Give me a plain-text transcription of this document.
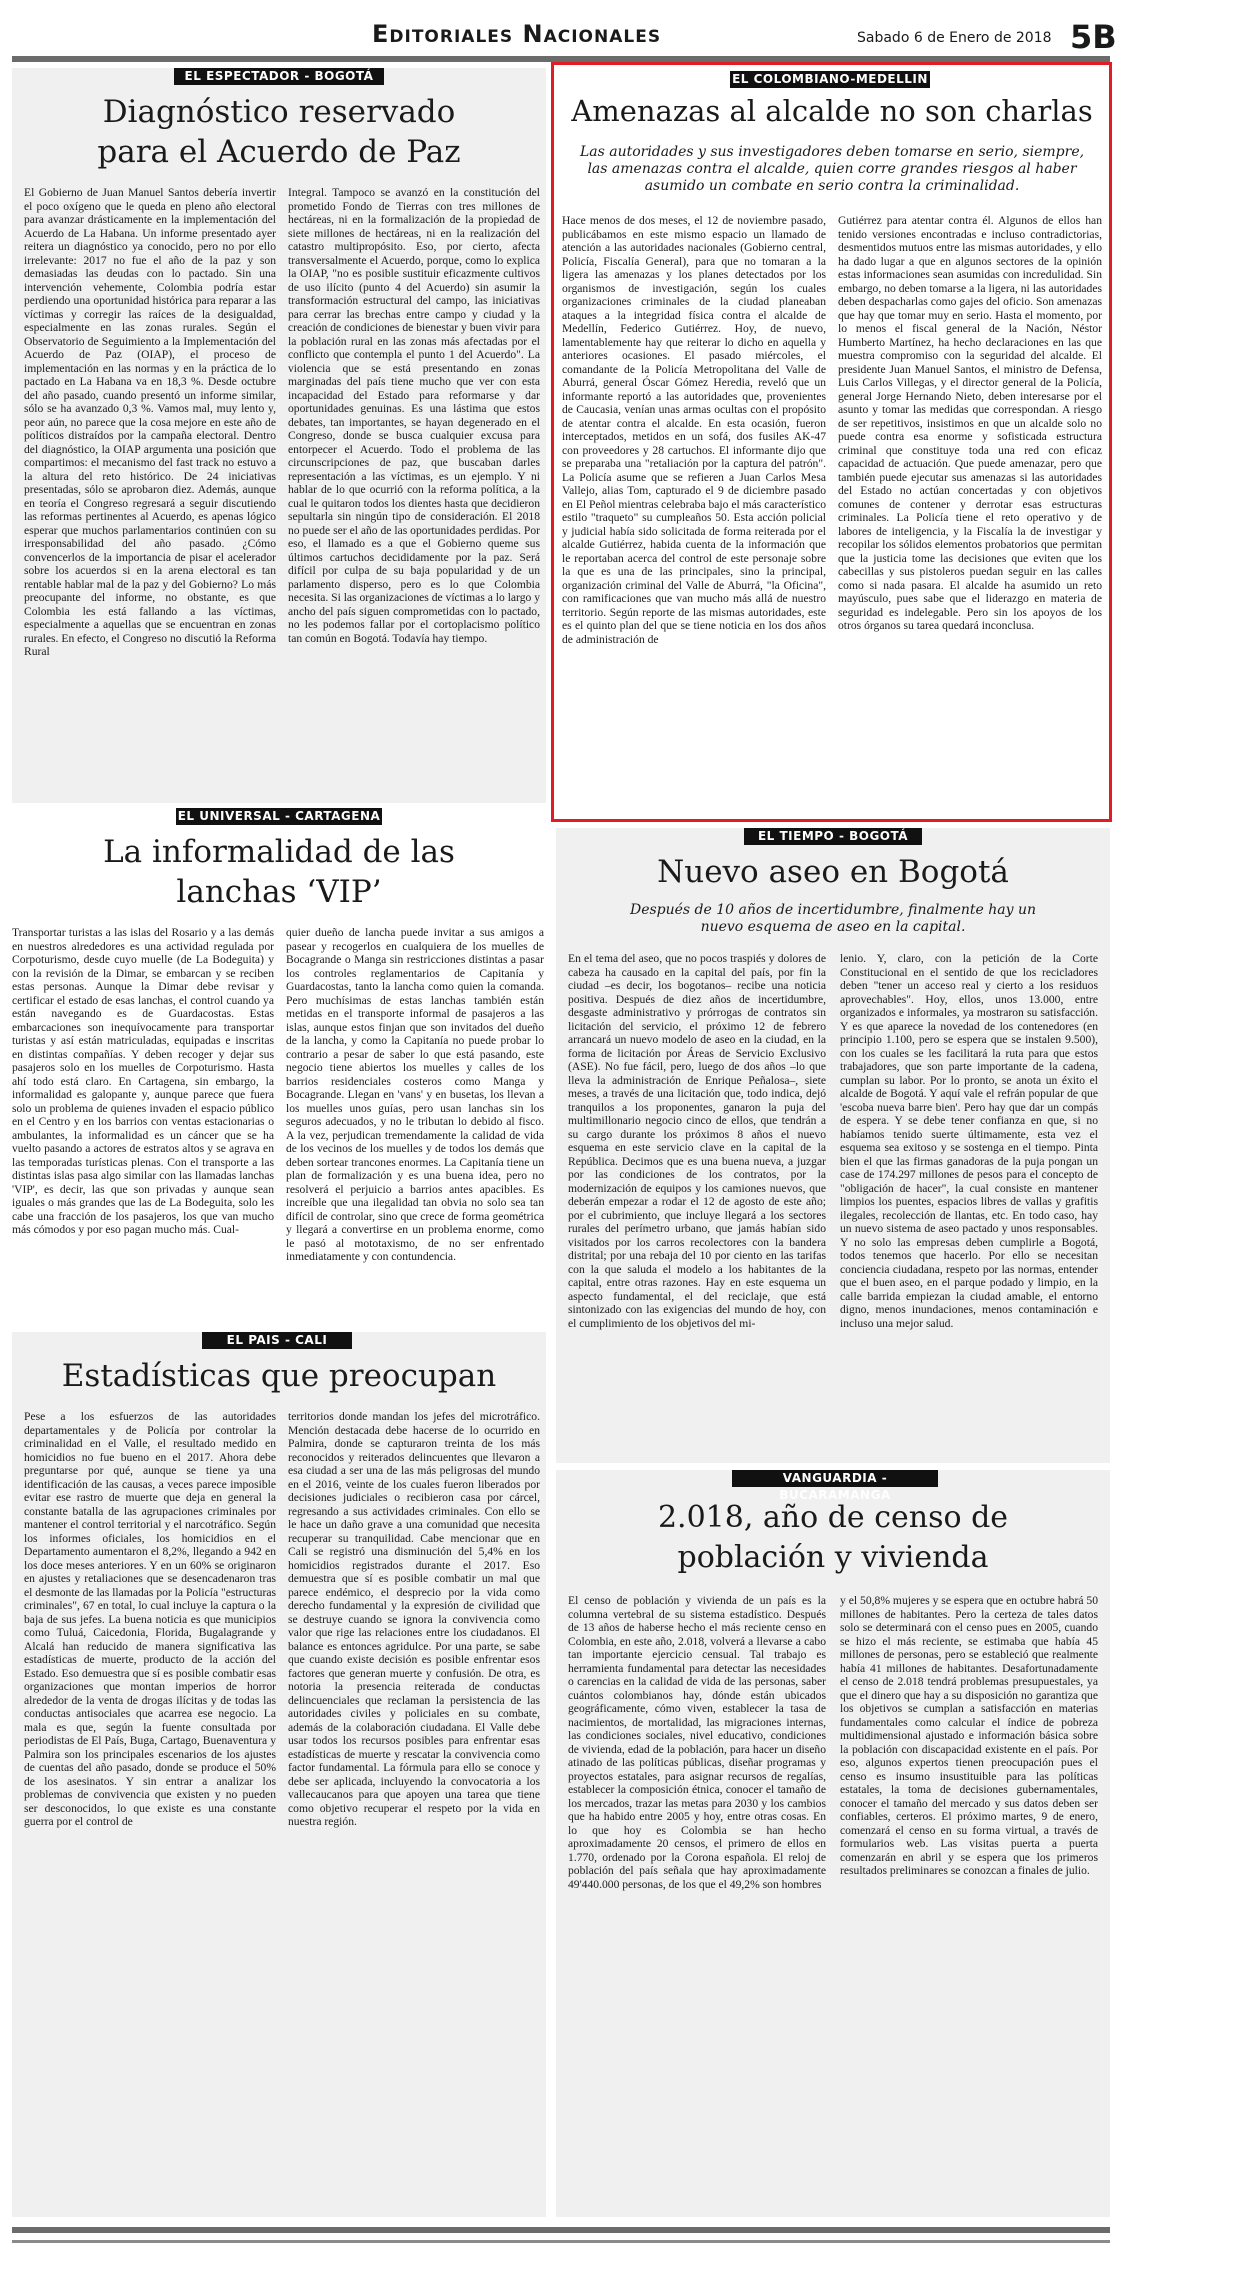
Editoriales Nacionales	Sabado 6 de Enero de 2018 5B
EL ESPECTADOR - BOGOTÁ
Diagnóstico reservado
para el Acuerdo de Paz
El Gobierno de Juan Manuel Santos debería invertir el poco oxígeno que le queda en pleno año electoral para avanzar drásticamente en la implementación del Acuerdo de La Habana. Un informe presentado ayer reitera un diagnóstico ya conocido, pero no por ello irrelevante: 2017 no fue el año de la paz y son demasiadas las deudas con lo pactado. Sin una intervención vehemente, Colombia podría estar perdiendo una oportunidad histórica para reparar a las víctimas y corregir las raíces de la desigualdad, especialmente en las zonas rurales. Según el Observatorio de Seguimiento a la Implementación del Acuerdo de Paz (OIAP), el proceso de implementación en las normas y en la práctica de lo pactado en La Habana va en 18,3 %. Desde octubre del año pasado, cuando presentó un informe similar, sólo se ha avanzado 0,3 %. Vamos mal, muy lento y, peor aún, no parece que la cosa mejore en este año de políticos distraídos por la campaña electoral. Dentro del diagnóstico, la OIAP argumenta una posición que compartimos: el mecanismo del fast track no estuvo a la altura del reto histórico. De 24 iniciativas presentadas, sólo se aprobaron diez. Además, aunque en teoría el Congreso regresará a seguir discutiendo las reformas pertinentes al Acuerdo, es apenas lógico esperar que muchos parlamentarios continúen con su irresponsabilidad del año pasado. ¿Cómo convencerlos de la importancia de pisar el acelerador sobre los acuerdos si en la arena electoral es tan rentable hablar mal de la paz y del Gobierno? Lo más preocupante del informe, no obstante, es que Colombia les está fallando a las víctimas, especialmente a aquellas que se encuentran en zonas rurales. En efecto, el Congreso no discutió la Reforma Rural
Integral. Tampoco se avanzó en la constitución del prometido Fondo de Tierras con tres millones de hectáreas, ni en la formalización de la propiedad de siete millones de hectáreas, ni en la realización del catastro multipropósito. Eso, por cierto, afecta transversalmente el Acuerdo, porque, como lo explica la OIAP, "no es posible sustituir eficazmente cultivos de uso ilícito (punto 4 del Acuerdo) sin asumir la transformación estructural del campo, las iniciativas para cerrar las brechas entre campo y ciudad y la creación de condiciones de bienestar y buen vivir para la población rural en las zonas más afectadas por el conflicto que contempla el punto 1 del Acuerdo". La violencia que se está presentando en zonas marginadas del país tiene mucho que ver con esta incapacidad del Estado para reformarse y dar oportunidades genuinas. Es una lástima que estos debates, tan importantes, se hayan degenerado en el Congreso, donde se busca cualquier excusa para entorpecer el Acuerdo. Todo el problema de las circunscripciones de paz, que buscaban darles representación a las víctimas, es un ejemplo. Y ni hablar de lo que ocurrió con la reforma política, a la cual le quitaron todos los dientes hasta que decidieron sepultarla sin ningún tipo de consideración. El 2018 no puede ser el año de las oportunidades perdidas. Por eso, el llamado es a que el Gobierno queme sus últimos cartuchos decididamente por la paz. Será difícil por culpa de su baja popularidad y de un parlamento disperso, pero es lo que Colombia necesita. Si las organizaciones de víctimas a lo largo y ancho del país siguen comprometidas con lo pactado, no les podemos fallar por el cortoplacismo político tan común en Bogotá. Todavía hay tiempo.
EL COLOMBIANO-MEDELLIN
Amenazas al alcalde no son charlas
Las autoridades y sus investigadores deben tomarse en serio, siempre, las amenazas contra el alcalde, quien corre grandes riesgos al haber asumido un combate en serio contra la criminalidad.
Hace menos de dos meses, el 12 de noviembre pasado, publicábamos en este mismo espacio un llamado de atención a las autoridades nacionales (Gobierno central, Policía, Fiscalía General), para que no tomaran a la ligera las amenazas y los planes detectados por los organismos de investigación, según los cuales organizaciones criminales de la ciudad planeaban ataques a la integridad física contra el alcalde de Medellín, Federico Gutiérrez. Hoy, de nuevo, lamentablemente hay que reiterar lo dicho en aquella y anteriores ocasiones. El pasado miércoles, el comandante de la Policía Metropolitana del Valle de Aburrá, general Óscar Gómez Heredia, reveló que un informante reportó a las autoridades que, provenientes de Caucasia, venían unas armas ocultas con el propósito de atentar contra el alcalde. En esta ocasión, fueron interceptados, metidos en un sofá, dos fusiles AK-47 con proveedores y 28 cartuchos. El informante dijo que se preparaba una "retaliación por la captura del patrón". La Policía asume que se refieren a Juan Carlos Mesa Vallejo, alias Tom, capturado el 9 de diciembre pasado en El Peñol mientras celebraba bajo el más característico estilo "traqueto" su cumpleaños 50. Esta acción policial y judicial había sido solicitada de forma reiterada por el alcalde Gutiérrez, habida cuenta de la información que le reportaban acerca del control de este personaje sobre la que es una de las principales, sino la principal, organización criminal del Valle de Aburrá, "la Oficina", con ramificaciones que van mucho más allá de nuestro territorio. Según reporte de las mismas autoridades, este es el quinto plan del que se tiene noticia en los dos años de administración de
Gutiérrez para atentar contra él. Algunos de ellos han tenido versiones encontradas e incluso contradictorias, desmentidos mutuos entre las mismas autoridades, y ello ha dado lugar a que en algunos sectores de la opinión estas informaciones sean asumidas con incredulidad. Sin embargo, no deben tomarse a la ligera, ni las autoridades deben despacharlas como gajes del oficio. Son amenazas que hay que tomar muy en serio. Hasta el momento, por lo menos el fiscal general de la Nación, Néstor Humberto Martínez, ha hecho declaraciones en las que muestra compromiso con la seguridad del alcalde. El presidente Juan Manuel Santos, el ministro de Defensa, Luis Carlos Villegas, y el director general de la Policía, general Jorge Hernando Nieto, deben interesarse por el asunto y tomar las medidas que correspondan. A riesgo de ser repetitivos, insistimos en que un alcalde solo no puede contra esa enorme y sofisticada estructura criminal que constituye toda una red con eficaz capacidad de actuación. Que puede amenazar, pero que también puede ejecutar sus amenazas si las autoridades del Estado no actúan concertadas y con objetivos comunes de contener y derrotar esas estructuras criminales. La Policía tiene el reto operativo y de labores de inteligencia, y la Fiscalía la de investigar y recopilar los sólidos elementos probatorios que permitan que la justicia tome las decisiones que eviten que los cabecillas y sus pistoleros puedan seguir en las calles como si nada pasara. El alcalde ha asumido un reto mayúsculo, pues sabe que el liderazgo en materia de seguridad es indelegable. Pero sin los apoyos de los otros órganos su tarea quedará inconclusa.
EL UNIVERSAL - CARTAGENA
La informalidad de las
lanchas ‘VIP’
Transportar turistas a las islas del Rosario y a las demás en nuestros alrededores es una actividad regulada por Corpoturismo, desde cuyo muelle (de La Bodeguita) y con la revisión de la Dimar, se embarcan y se reciben estas personas. Aunque la Dimar debe revisar y certificar el estado de esas lanchas, el control cuando ya están navegando es de Guardacostas. Estas embarcaciones son inequívocamente para transportar turistas y así están matriculadas, equipadas e inscritas en distintas compañías. Y deben recoger y dejar sus pasajeros solo en los muelles de Corpoturismo. Hasta ahí todo está claro. En Cartagena, sin embargo, la informalidad es galopante y, aunque parece que fuera solo un problema de quienes invaden el espacio público en el Centro y en los barrios con ventas estacionarias o ambulantes, la informalidad es un cáncer que se ha vuelto pasando a actores de estratos altos y se agrava en las temporadas turísticas plenas. Con el transporte a las distintas islas pasa algo similar con las llamadas lanchas 'VIP', es decir, las que son privadas y aunque sean iguales o más grandes que las de La Bodeguita, solo les cabe una fracción de los pasajeros, los que van mucho más cómodos y por eso pagan mucho más. Cual-
quier dueño de lancha puede invitar a sus amigos a pasear y recogerlos en cualquiera de los muelles de Bocagrande o Manga sin restricciones distintas a pasar los controles reglamentarios de Capitanía y Guardacostas, tanto la lancha como quien la comanda. Pero muchísimas de estas lanchas también están metidas en el transporte informal de pasajeros a las islas, aunque estos finjan que son invitados del dueño de la lancha, y como la Capitanía no puede probar lo contrario a pesar de saber lo que está pasando, este negocio tiene abiertos los muelles y calles de los barrios residenciales costeros como Manga y Bocagrande. Llegan en 'vans' y en busetas, los llevan a los muelles unos guías, pero usan lanchas sin los seguros adecuados, y no le tributan lo debido al fisco. A la vez, perjudican tremendamente la calidad de vida de los vecinos de los muelles y de todos los demás que deben sortear trancones enormes. La Capitanía tiene un plan de formalización y es una buena idea, pero no resolverá el perjuicio a barrios antes apacibles. Es increíble que una ilegalidad tan obvia no solo sea tan difícil de controlar, sino que crece de forma geométrica y llegará a convertirse en un problema enorme, como le pasó al mototaxismo, de no ser enfrentado inmediatamente y con contundencia.
EL TIEMPO - BOGOTÁ
Nuevo aseo en Bogotá
Después de 10 años de incertidumbre, finalmente hay un nuevo esquema de aseo en la capital.
En el tema del aseo, que no pocos traspiés y dolores de cabeza ha causado en la capital del país, por fin la ciudad –es decir, los bogotanos– recibe una noticia positiva. Después de diez años de incertidumbre, desgaste administrativo y prórrogas de contratos sin licitación del servicio, el próximo 12 de febrero arrancará un nuevo modelo de aseo en la ciudad, en la forma de licitación por Áreas de Servicio Exclusivo (ASE). No fue fácil, pero, luego de dos años –lo que lleva la administración de Enrique Peñalosa–, siete meses, a través de una licitación que, todo indica, dejó tranquilos a los proponentes, ganaron la puja del multimillonario negocio cinco de ellos, que tendrán a su cargo durante los próximos 8 años el nuevo esquema en este servicio clave en la capital de la República. Decimos que es una buena nueva, a juzgar por las condiciones de los contratos, por la modernización de equipos y los camiones nuevos, que deberán empezar a rodar el 12 de agosto de este año; por el cubrimiento, que incluye llegará a los sectores rurales del perímetro urbano, que jamás habían sido visitados por los carros recolectores con la bandera distrital; por una rebaja del 10 por ciento en las tarifas con la que saluda el modelo a los habitantes de la capital, entre otras razones. Hay en este esquema un aspecto fundamental, el del reciclaje, que está sintonizado con las exigencias del mundo de hoy, con el cumplimiento de los objetivos del mi-
lenio. Y, claro, con la petición de la Corte Constitucional en el sentido de que los recicladores deben "tener un acceso real y cierto a los residuos aprovechables". Hoy, ellos, unos 13.000, entre organizados e informales, ya mostraron su satisfacción. Y es que aparece la novedad de los contenedores (en principio 1.100, pero se espera que se instalen 9.500), con los cuales se les facilitará la ruta para que estos trabajadores, que son parte importante de la cadena, cumplan su labor. Por lo pronto, se anota un éxito el alcalde de Bogotá. Y aquí vale el refrán popular de que 'escoba nueva barre bien'. Pero hay que dar un compás de espera. Y se debe tener confianza en que, si no habíamos tenido suerte últimamente, esta vez el esquema sea exitoso y se sostenga en el tiempo. Pinta bien el que las firmas ganadoras de la puja pongan un case de 174.297 millones de pesos para el concepto de "obligación de hacer", la cual consiste en mantener limpios los puentes, espacios libres de vallas y grafitis ilegales, recolección de llantas, etc. En todo caso, hay un nuevo sistema de aseo pactado y unos responsables. Y no solo las empresas deben cumplirle a Bogotá, todos tenemos que hacerlo. Por ello se necesitan conciencia ciudadana, respeto por las normas, entender que el buen aseo, en el parque podado y limpio, en la calle barrida empiezan la ciudad amable, el entorno digno, menos inundaciones, menos contaminación e incluso una mejor salud.
EL PAIS - CALI
Estadísticas que preocupan
Pese a los esfuerzos de las autoridades departamentales y de Policía por controlar la criminalidad en el Valle, el resultado medido en homicidios no fue bueno en el 2017. Ahora debe preguntarse por qué, aunque se tiene ya una identificación de las causas, a veces parece imposible evitar ese rastro de muerte que deja en general la constante batalla de las agrupaciones criminales por mantener el control territorial y el narcotráfico. Según los informes oficiales, los homicidios en el Departamento aumentaron el 8,2%, llegando a 942 en los doce meses anteriores. Y en un 60% se originaron en ajustes y retaliaciones que se desencadenaron tras el desmonte de las llamadas por la Policía "estructuras criminales", 67 en total, lo cual incluye la captura o la baja de sus jefes. La buena noticia es que municipios como Tuluá, Caicedonia, Florida, Bugalagrande y Alcalá han reducido de manera significativa las estadísticas de muerte, producto de la acción del Estado. Eso demuestra que sí es posible combatir esas organizaciones que montan imperios de horror alrededor de la venta de drogas ilícitas y de todas las conductas antisociales que acarrea ese negocio. La mala es que, según la fuente consultada por periodistas de El País, Buga, Cartago, Buenaventura y Palmira son los principales escenarios de los ajustes de cuentas del año pasado, donde se produce el 50% de los asesinatos. Y sin entrar a analizar los problemas de convivencia que existen y no pueden ser desconocidos, lo que existe es una constante guerra por el control de
territorios donde mandan los jefes del microtráfico. Mención destacada debe hacerse de lo ocurrido en Palmira, donde se capturaron treinta de los más reconocidos y reiterados delincuentes que llevaron a esa ciudad a ser una de las más peligrosas del mundo en el 2016, veinte de los cuales fueron liberados por decisiones judiciales o recibieron casa por cárcel, regresando a sus actividades criminales. Con ello se le hace un daño grave a una comunidad que necesita recuperar su tranquilidad. Cabe mencionar que en Cali se registró una disminución del 5,4% en los homicidios registrados durante el 2017. Eso demuestra que sí es posible combatir un mal que parece endémico, el desprecio por la vida como derecho fundamental y la expresión de civilidad que se destruye cuando se ignora la convivencia como valor que rige las relaciones entre los ciudadanos. El balance es entonces agridulce. Por una parte, se sabe que cuando existe decisión es posible enfrentar esos factores que generan muerte y confusión. De otra, es notoria la presencia reiterada de conductas delincuenciales que reclaman la persistencia de las autoridades civiles y policiales en su combate, además de la colaboración ciudadana. El Valle debe usar todos los recursos posibles para enfrentar esas estadísticas de muerte y rescatar la convivencia como factor fundamental. La fórmula para ello se conoce y debe ser aplicada, incluyendo la convocatoria a los vallecaucanos para que apoyen una tarea que tiene como objetivo recuperar el respeto por la vida en nuestra región.
VANGUARDIA - BUCARAMANGA
2.018, año de censo de
población y vivienda
El censo de población y vivienda de un país es la columna vertebral de su sistema estadístico. Después de 13 años de haberse hecho el más reciente censo en Colombia, en este año, 2.018, volverá a llevarse a cabo tan importante ejercicio censual. Tal trabajo es herramienta fundamental para detectar las necesidades o carencias en la calidad de vida de las personas, saber cuántos colombianos hay, dónde están ubicados geográficamente, cómo viven, establecer la tasa de nacimientos, de mortalidad, las migraciones internas, las condiciones sociales, nivel educativo, condiciones de vivienda, edad de la población, para hacer un diseño atinado de las políticas públicas, diseñar programas y proyectos estatales, para asignar recursos de regalías, establecer la composición étnica, conocer el tamaño de los mercados, trazar las metas para 2030 y los cambios que ha habido entre 2005 y hoy, entre otras cosas. En lo que hoy es Colombia se han hecho aproximadamente 20 censos, el primero de ellos en 1.770, ordenado por la Corona española. El reloj de población del país señala que hay aproximadamente 49'440.000 personas, de los que el 49,2% son hombres
y el 50,8% mujeres y se espera que en octubre habrá 50 millones de habitantes. Pero la certeza de tales datos solo se determinará con el censo pues en 2005, cuando se hizo el más reciente, se estimaba que había 45 millones de personas, pero se estableció que realmente había 41 millones de habitantes. Desafortunadamente el censo de 2.018 tendrá problemas presupuestales, ya que el dinero que hay a su disposición no garantiza que los objetivos se cumplan a satisfacción en materias fundamentales como calcular el índice de pobreza multidimensional ajustado e información básica sobre la población con discapacidad existente en el país. Por eso, algunos expertos tienen preocupación pues el censo es insumo insustituible para las políticas estatales, la toma de decisiones gubernamentales, conocer el tamaño del mercado y sus datos deben ser confiables, certeros. El próximo martes, 9 de enero, comenzará el censo en su forma virtual, a través de formularios web. Las visitas puerta a puerta comenzarán en abril y se espera que los primeros resultados preliminares se conozcan a finales de julio.
